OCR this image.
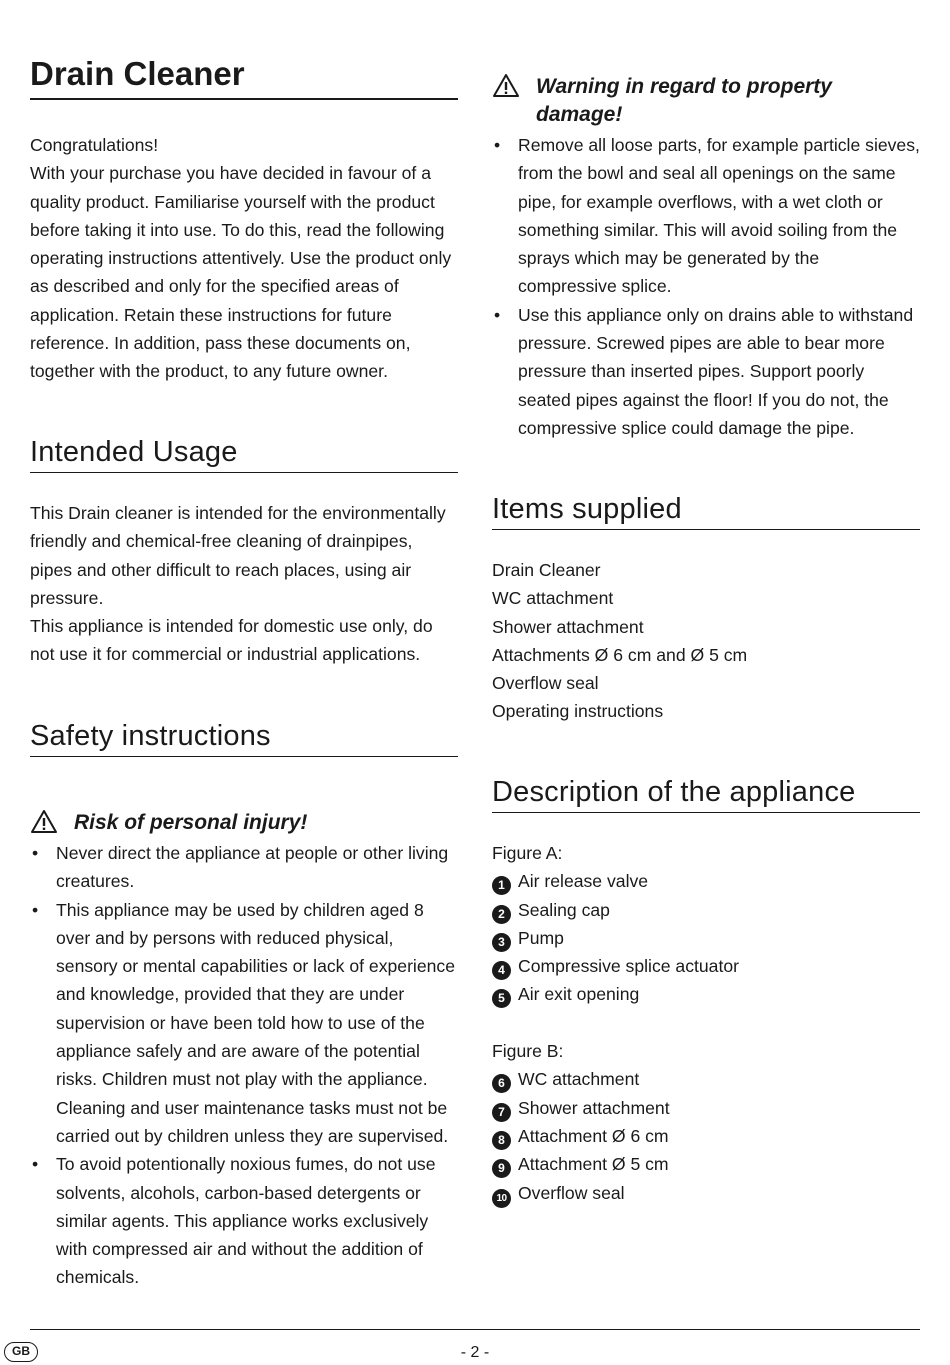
Drain Cleaner

Congratulations!

With your purchase you have decided in favour of a quality product. Familiarise yourself with the product before taking it into use. To do this, read the following operating instructions attentively. Use the product only as described and only for the specified areas of application. Retain these instructions for future reference. In addition, pass these documents on, together with the product, to any future owner.

Intended Usage

This Drain cleaner is intended for the environmentally friendly and chemical-free cleaning of drainpipes, pipes and other difficult to reach places, using air pressure.

This appliance is intended for domestic use only, do not use it for commercial or industrial applications.

Safety instructions
Risk of personal injury!
• Never direct the appliance at people or other living creatures.
• This appliance may be used by children aged 8 over and by persons with reduced physical, sensory or mental capabilities or lack of experience and knowledge, provided that they are under supervision or have been told how to use of the appliance safely and are aware of the potential risks. Children must not play with the appliance. Cleaning and user maintenance tasks must not be carried out by children unless they are supervised.
• To avoid potentionally noxious fumes, do not use solvents, alcohols, carbon-based detergents or similar agents. This appliance works exclusively with compressed air and without the addition of chemicals.
Warning in regard to property damage!
• Remove all loose parts, for example particle sieves, from the bowl and seal all openings on the same pipe, for example overflows, with a wet cloth or something similar. This will avoid soiling from the sprays which may be generated by the compressive splice.
• Use this appliance only on drains able to withstand pressure. Screwed pipes are able to bear more pressure than inserted pipes. Support poorly seated pipes against the floor! If you do not, the compressive splice could damage the pipe.
Items supplied
Drain Cleaner
WC attachment
Shower attachment
Attachments Ø 6 cm and Ø 5 cm
Overflow seal
Operating instructions
Description of the appliance
Figure A:
1 Air release valve
2 Sealing cap
3 Pump
4 Compressive splice actuator
5 Air exit opening
Figure B:
6 WC attachment
7 Shower attachment
8 Attachment Ø 6 cm
9 Attachment Ø 5 cm
10 Overflow seal
GB	- 2 -
